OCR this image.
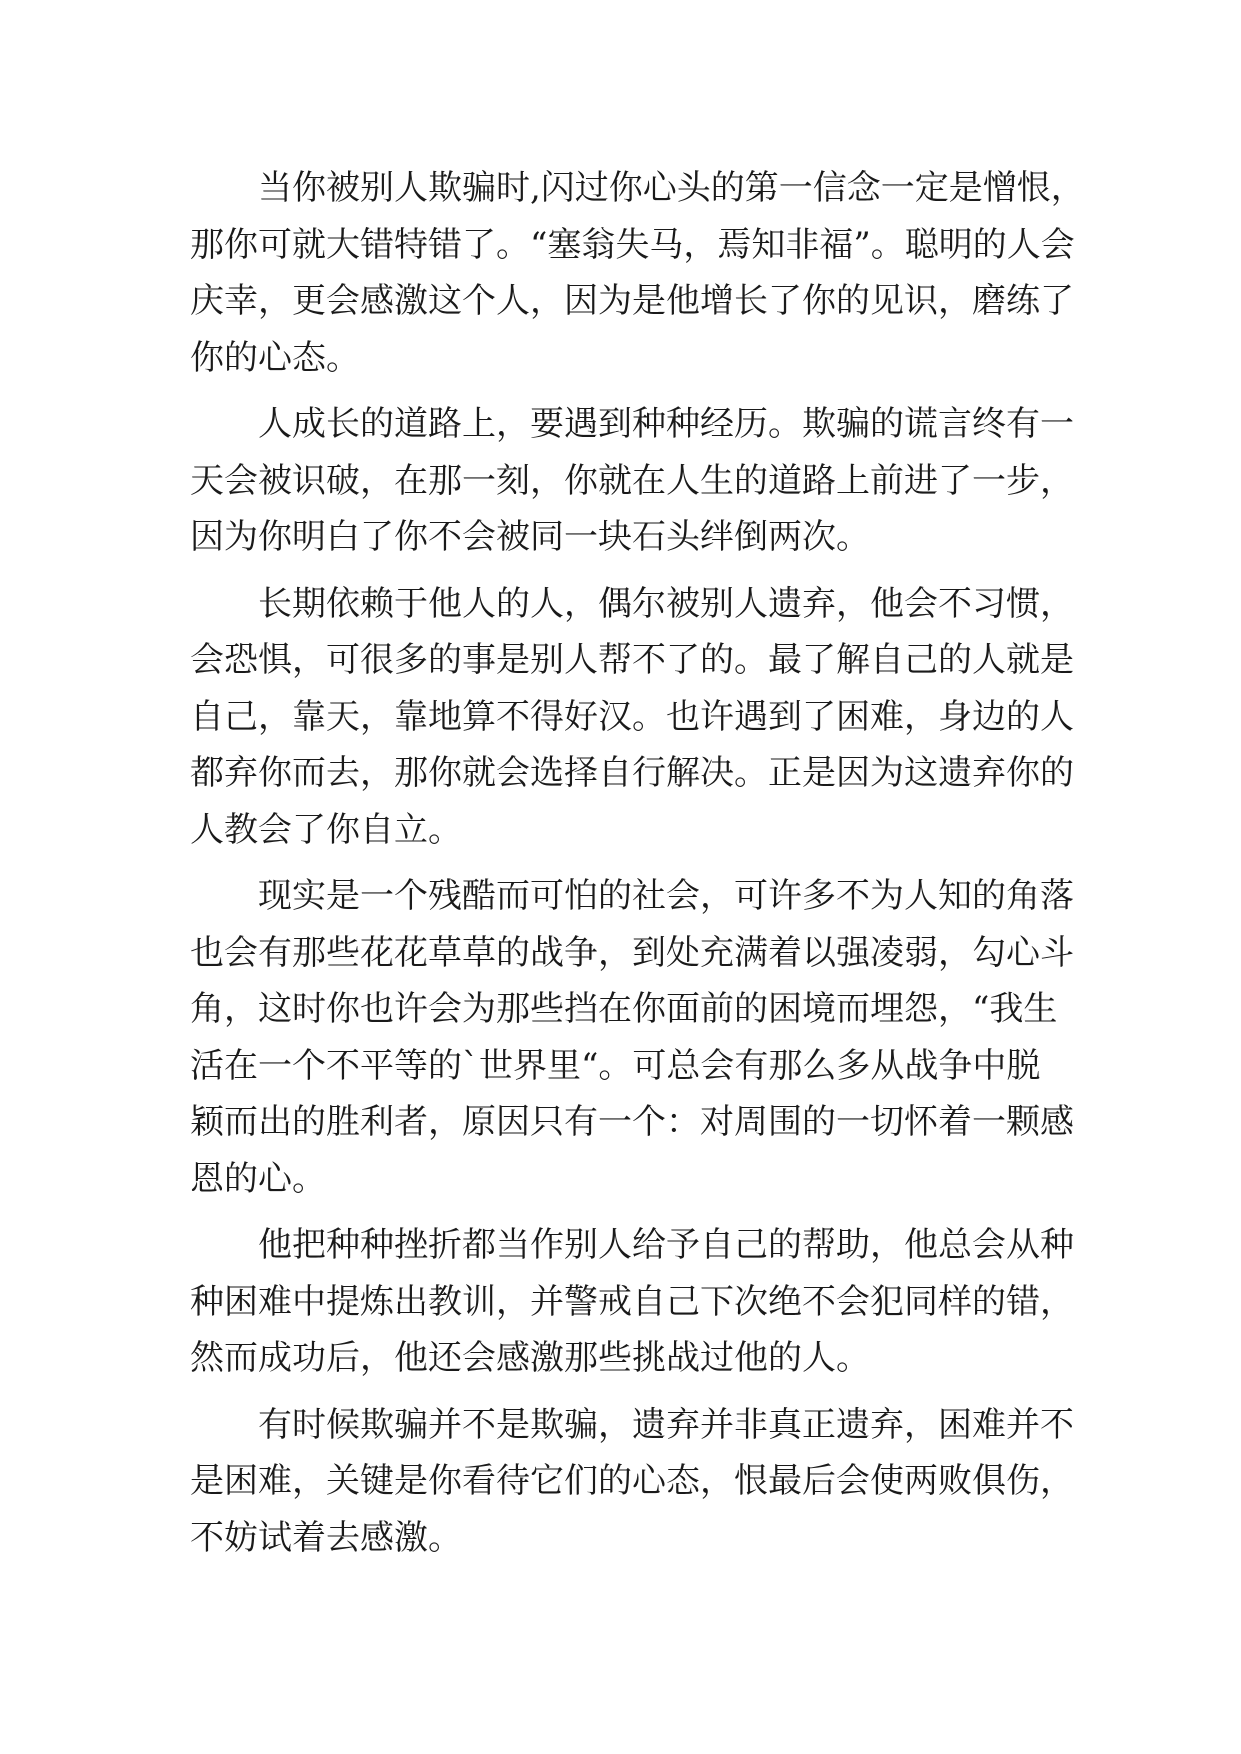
　　当你被别人欺骗时,闪过你心头的第一信念一定是憎恨，
那你可就大错特错了。“塞翁失马，焉知非福”。聪明的人会
庆幸，更会感激这个人，因为是他增长了你的见识，磨练了
你的心态。
　　人成长的道路上，要遇到种种经历。欺骗的谎言终有一
天会被识破，在那一刻，你就在人生的道路上前进了一步，
因为你明白了你不会被同一块石头绊倒两次。
　　长期依赖于他人的人，偶尔被别人遗弃，他会不习惯，
会恐惧，可很多的事是别人帮不了的。最了解自己的人就是
自己，靠天，靠地算不得好汉。也许遇到了困难，身边的人
都弃你而去，那你就会选择自行解决。正是因为这遗弃你的
人教会了你自立。
　　现实是一个残酷而可怕的社会，可许多不为人知的角落
也会有那些花花草草的战争，到处充满着以强凌弱，勾心斗
角，这时你也许会为那些挡在你面前的困境而埋怨，“我生
活在一个不平等的`世界里“。可总会有那么多从战争中脱
颖而出的胜利者，原因只有一个：对周围的一切怀着一颗感
恩的心。
　　他把种种挫折都当作别人给予自己的帮助，他总会从种
种困难中提炼出教训，并警戒自己下次绝不会犯同样的错，
然而成功后，他还会感激那些挑战过他的人。
　　有时候欺骗并不是欺骗，遗弃并非真正遗弃，困难并不
是困难，关键是你看待它们的心态，恨最后会使两败俱伤，
不妨试着去感激。
